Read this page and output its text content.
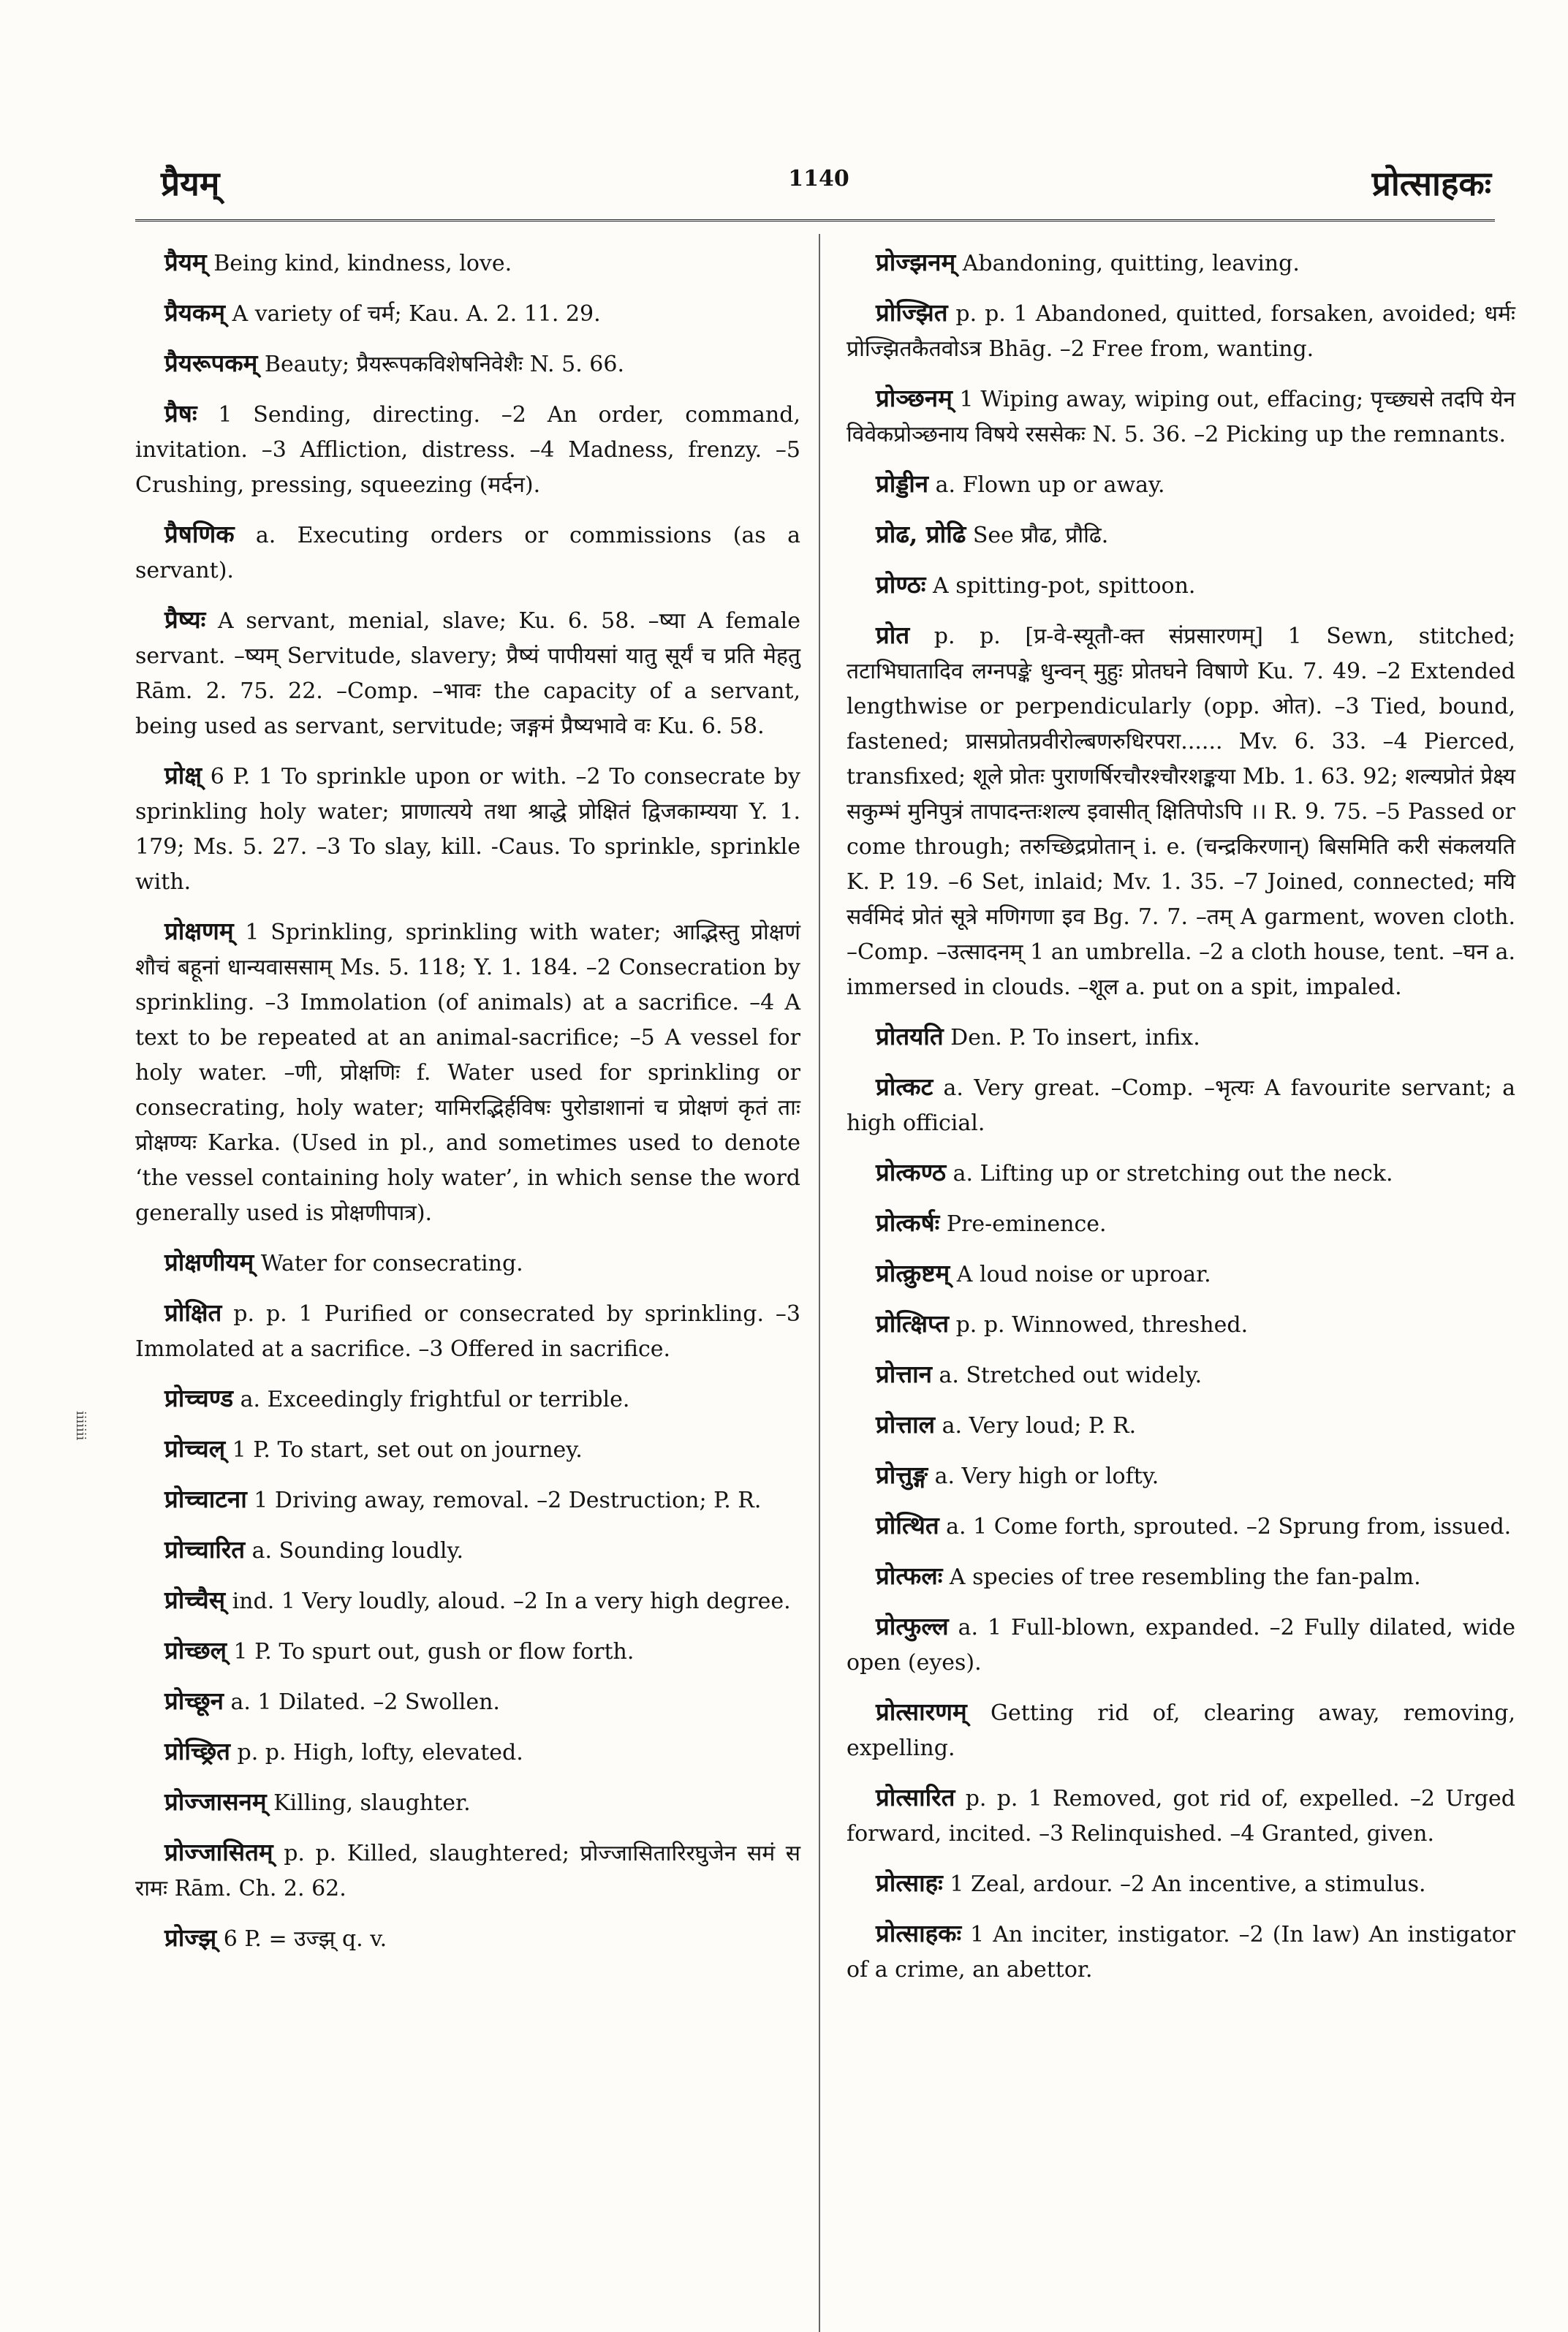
प्रैयम्	1140	प्रोत्साहकः
iiiiiii
प्रैयम् Being kind, kindness, love.
प्रैयकम् A variety of चर्म; Kau. A. 2. 11. 29.
प्रैयरूपकम् Beauty; प्रैयरूपकविशेषनिवेशैः N. 5. 66.
प्रैषः 1 Sending, directing. –2 An order, command, invitation. –3 Affliction, distress. –4 Madness, frenzy. –5 Crushing, pressing, squeezing (मर्दन).
प्रैषणिक a. Executing orders or commissions (as a servant).
प्रैष्यः A servant, menial, slave; Ku. 6. 58. –ष्या A female servant. –ष्यम् Servitude, slavery; प्रैष्यं पापीयसां यातु सूर्यं च प्रति मेहतु Rām. 2. 75. 22. –Comp. –भावः the capacity of a servant, being used as servant, servitude; जङ्गमं प्रैष्यभावे वः Ku. 6. 58.
प्रोक्ष् 6 P. 1 To sprinkle upon or with. –2 To consecrate by sprinkling holy water; प्राणात्यये तथा श्राद्धे प्रोक्षितं द्विजकाम्यया Y. 1. 179; Ms. 5. 27. –3 To slay, kill. -Caus. To sprinkle, sprinkle with.
प्रोक्षणम् 1 Sprinkling, sprinkling with water; आद्भिस्तु प्रोक्षणं शौचं बहूनां धान्यवाससाम् Ms. 5. 118; Y. 1. 184. –2 Consecration by sprinkling. –3 Immolation (of animals) at a sacrifice. –4 A text to be repeated at an animal-sacrifice; –5 A vessel for holy water. –णी, प्रोक्षणिः f. Water used for sprinkling or consecrating, holy water; यामिरद्भिर्हविषः पुरोडाशानां च प्रोक्षणं कृतं ताः प्रोक्षण्यः Karka. (Used in pl., and sometimes used to denote ‘the vessel containing holy water’, in which sense the word generally used is प्रोक्षणीपात्र).
प्रोक्षणीयम् Water for consecrating.
प्रोक्षित p. p. 1 Purified or consecrated by sprinkling. –3 Immolated at a sacrifice. –3 Offered in sacrifice.
प्रोच्चण्ड a. Exceedingly frightful or terrible.
प्रोच्चल् 1 P. To start, set out on journey.
प्रोच्चाटना 1 Driving away, removal. –2 Destruction; P. R.
प्रोच्चारित a. Sounding loudly.
प्रोच्चैस् ind. 1 Very loudly, aloud. –2 In a very high degree.
प्रोच्छल् 1 P. To spurt out, gush or flow forth.
प्रोच्छून a. 1 Dilated. –2 Swollen.
प्रोच्छ्रित p. p. High, lofty, elevated.
प्रोज्जासनम् Killing, slaughter.
प्रोज्जासितम् p. p. Killed, slaughtered; प्रोज्जासितारिरघुजेन समं स रामः Rām. Ch. 2. 62.
प्रोज्झ् 6 P. = उज्झ् q. v.
प्रोज्झनम् Abandoning, quitting, leaving.
प्रोज्झित p. p. 1 Abandoned, quitted, forsaken, avoided; धर्मः प्रोज्झितकैतवोऽत्र Bhāg. –2 Free from, wanting.
प्रोञ्छनम् 1 Wiping away, wiping out, effacing; पृच्छ्यसे तदपि येन विवेकप्रोञ्छनाय विषये रससेकः N. 5. 36. –2 Picking up the remnants.
प्रोड्डीन a. Flown up or away.
प्रोढ, प्रोढि See प्रौढ, प्रौढि.
प्रोण्ठः A spitting-pot, spittoon.
प्रोत p. p. [प्र-वे-स्यूतौ-क्त संप्रसारणम्] 1 Sewn, stitched; तटाभिघातादिव लग्नपङ्के धुन्वन् मुहुः प्रोतघने विषाणे Ku. 7. 49. –2 Extended lengthwise or perpendicularly (opp. ओत). –3 Tied, bound, fastened; प्रासप्रोतप्रवीरोल्बणरुधिरपरा...... Mv. 6. 33. –4 Pierced, transfixed; शूले प्रोतः पुराणर्षिरचौरश्चौरशङ्कया Mb. 1. 63. 92; शल्यप्रोतं प्रेक्ष्य सकुम्भं मुनिपुत्रं तापादन्तःशल्य इवासीत् क्षितिपोऽपि ।। R. 9. 75. –5 Passed or come through; तरुच्छिद्रप्रोतान् i. e. (चन्द्रकिरणान्) बिसमिति करी संकलयति K. P. 19. –6 Set, inlaid; Mv. 1. 35. –7 Joined, connected; मयि सर्वमिदं प्रोतं सूत्रे मणिगणा इव Bg. 7. 7. –तम् A garment, woven cloth. –Comp. –उत्सादनम् 1 an umbrella. –2 a cloth house, tent. –घन a. immersed in clouds. –शूल a. put on a spit, impaled.
प्रोतयति Den. P. To insert, infix.
प्रोत्कट a. Very great. –Comp. –भृत्यः A favourite servant; a high official.
प्रोत्कण्ठ a. Lifting up or stretching out the neck.
प्रोत्कर्षः Pre-eminence.
प्रोत्क्रुष्टम् A loud noise or uproar.
प्रोत्क्षिप्त p. p. Winnowed, threshed.
प्रोत्तान a. Stretched out widely.
प्रोत्ताल a. Very loud; P. R.
प्रोत्तुङ्ग a. Very high or lofty.
प्रोत्थित a. 1 Come forth, sprouted. –2 Sprung from, issued.
प्रोत्फलः A species of tree resembling the fan-palm.
प्रोत्फुल्ल a. 1 Full-blown, expanded. –2 Fully dilated, wide open (eyes).
प्रोत्सारणम् Getting rid of, clearing away, removing, expelling.
प्रोत्सारित p. p. 1 Removed, got rid of, expelled. –2 Urged forward, incited. –3 Relinquished. –4 Granted, given.
प्रोत्साहः 1 Zeal, ardour. –2 An incentive, a stimulus.
प्रोत्साहकः 1 An inciter, instigator. –2 (In law) An instigator of a crime, an abettor.
